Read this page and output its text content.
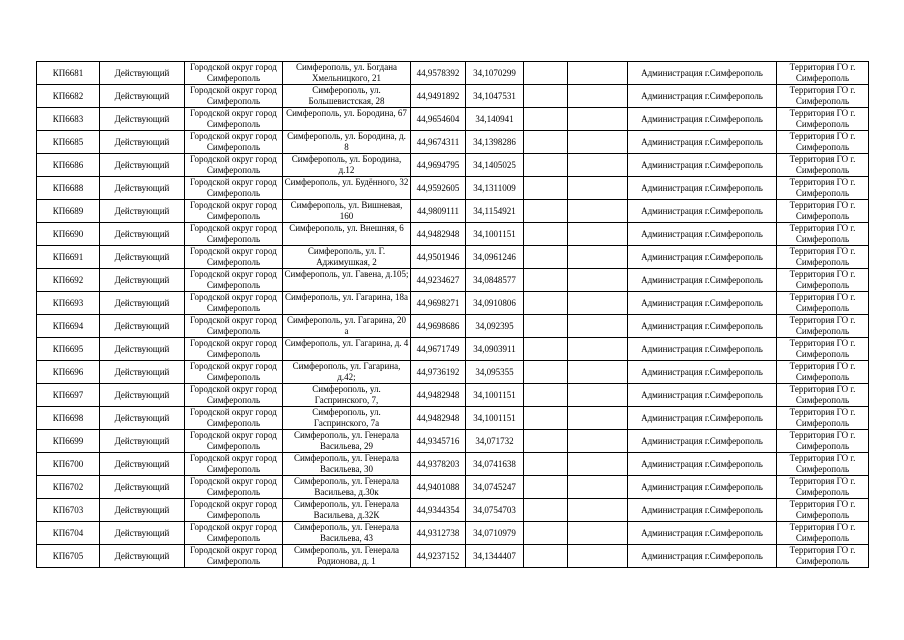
КП6681	Действующий	Городской округ город Симферополь	Симферополь, ул. Богдана Хмельницкого, 21	44,9578392	34,1070299			Администрация г.Симферополь	Территория ГО г. Симферополь
КП6682	Действующий	Городской округ город Симферополь	Симферополь, ул. Большевистская, 28	44,9491892	34,1047531			Администрация г.Симферополь	Территория ГО г. Симферополь
КП6683	Действующий	Городской округ город Симферополь	Симферополь, ул. Бородина, 67	44,9654604	34,140941			Администрация г.Симферополь	Территория ГО г. Симферополь
КП6685	Действующий	Городской округ город Симферополь	Симферополь, ул. Бородина, д. 8	44,9674311	34,1398286			Администрация г.Симферополь	Территория ГО г. Симферополь
КП6686	Действующий	Городской округ город Симферополь	Симферополь, ул. Бородина, д.12	44,9694795	34,1405025			Администрация г.Симферополь	Территория ГО г. Симферополь
КП6688	Действующий	Городской округ город Симферополь	Симферополь, ул. Будённого, 32	44,9592605	34,1311009			Администрация г.Симферополь	Территория ГО г. Симферополь
КП6689	Действующий	Городской округ город Симферополь	Симферополь, ул. Вишневая, 160	44,9809111	34,1154921			Администрация г.Симферополь	Территория ГО г. Симферополь
КП6690	Действующий	Городской округ город Симферополь	Симферополь, ул. Внешняя, 6	44,9482948	34,1001151			Администрация г.Симферополь	Территория ГО г. Симферополь
КП6691	Действующий	Городской округ город Симферополь	Симферополь, ул. Г. Аджимушкая, 2	44,9501946	34,0961246			Администрация г.Симферополь	Территория ГО г. Симферополь
КП6692	Действующий	Городской округ город Симферополь	Симферополь, ул. Гавена, д.105;	44,9234627	34,0848577			Администрация г.Симферополь	Территория ГО г. Симферополь
КП6693	Действующий	Городской округ город Симферополь	Симферополь, ул. Гагарина, 18а	44,9698271	34,0910806			Администрация г.Симферополь	Территория ГО г. Симферополь
КП6694	Действующий	Городской округ город Симферополь	Симферополь, ул. Гагарина, 20 а	44,9698686	34,092395			Администрация г.Симферополь	Территория ГО г. Симферополь
КП6695	Действующий	Городской округ город Симферополь	Симферополь, ул. Гагарина, д. 4	44,9671749	34,0903911			Администрация г.Симферополь	Территория ГО г. Симферополь
КП6696	Действующий	Городской округ город Симферополь	Симферополь, ул. Гагарина, д.42;	44,9736192	34,095355			Администрация г.Симферополь	Территория ГО г. Симферополь
КП6697	Действующий	Городской округ город Симферополь	Симферополь, ул. Гаспринского, 7,	44,9482948	34,1001151			Администрация г.Симферополь	Территория ГО г. Симферополь
КП6698	Действующий	Городской округ город Симферополь	Симферополь, ул. Гаспринского, 7а	44,9482948	34,1001151			Администрация г.Симферополь	Территория ГО г. Симферополь
КП6699	Действующий	Городской округ город Симферополь	Симферополь, ул. Генерала Васильева, 29	44,9345716	34,071732			Администрация г.Симферополь	Территория ГО г. Симферополь
КП6700	Действующий	Городской округ город Симферополь	Симферополь, ул. Генерала Васильева, 30	44,9378203	34,0741638			Администрация г.Симферополь	Территория ГО г. Симферополь
КП6702	Действующий	Городской округ город Симферополь	Симферополь, ул. Генерала Васильева, д.30к	44,9401088	34,0745247			Администрация г.Симферополь	Территория ГО г. Симферополь
КП6703	Действующий	Городской округ город Симферополь	Симферополь, ул. Генерала Васильева, д.32К	44,9344354	34,0754703			Администрация г.Симферополь	Территория ГО г. Симферополь
КП6704	Действующий	Городской округ город Симферополь	Симферополь, ул. Генерала Васильева, 43	44,9312738	34,0710979			Администрация г.Симферополь	Территория ГО г. Симферополь
КП6705	Действующий	Городской округ город Симферополь	Симферополь, ул. Генерала Родионова, д. 1	44,9237152	34,1344407			Администрация г.Симферополь	Территория ГО г. Симферополь
